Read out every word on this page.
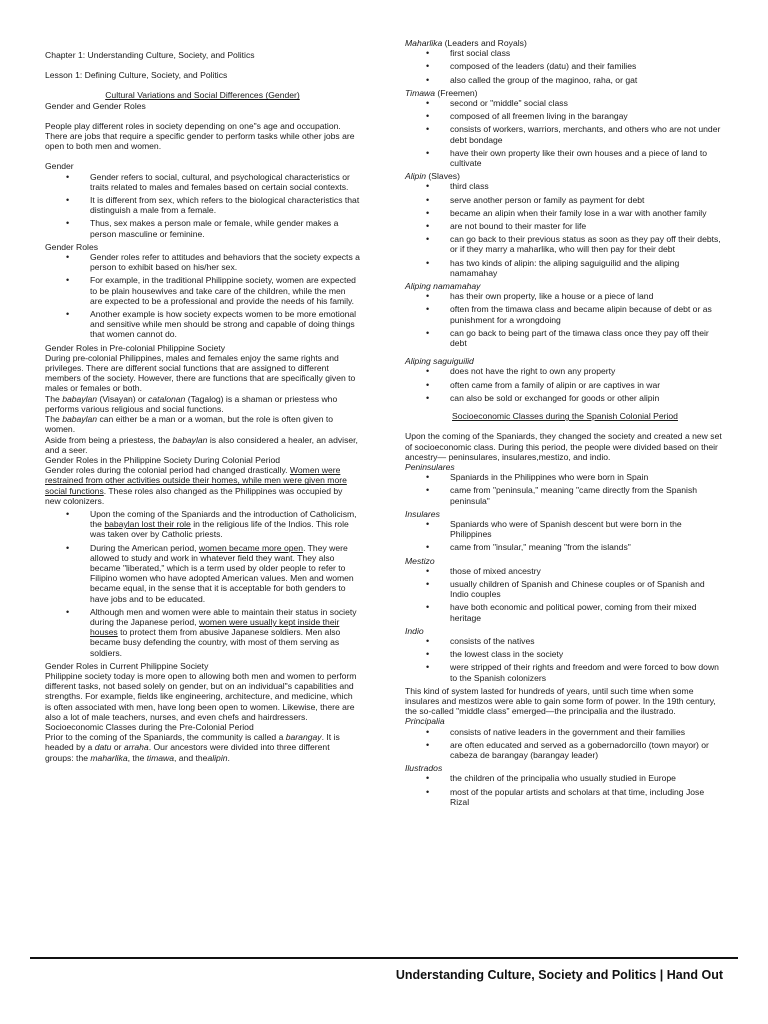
Chapter 1: Understanding Culture, Society, and Politics

Lesson 1: Defining Culture, Society, and Politics

Cultural Variations and Social Differences (Gender)

Gender and Gender Roles

People play different roles in society depending on one"s age and occupation. There are jobs that require a specific gender to perform tasks while other jobs are open to both men and women.

Gender

• Gender refers to social, cultural, and psychological characteristics or traits related to males and females based on certain social contexts.
• It is different from sex, which refers to the biological characteristics that distinguish a male from a female.
• Thus, sex makes a person male or female, while gender makes a person masculine or feminine.

Gender Roles

• Gender roles refer to attitudes and behaviors that the society expects a person to exhibit based on his/her sex.
• For example, in the traditional Philippine society, women are expected to be plain housewives and take care of the children, while the men are expected to be a professional and provide the needs of his family.
• Another example is how society expects women to be more emotional and sensitive while men should be strong and capable of doing things that women cannot do.

Gender Roles in Pre-colonial Philippine Society

During pre-colonial Philippines, males and females enjoy the same rights and privileges. There are different social functions that are assigned to different members of the society. However, there are functions that are specifically given to males or females or both.

The babaylan (Visayan) or catalonan (Tagalog) is a shaman or priestess who performs various religious and social functions.

The babaylan can either be a man or a woman, but the role is often given to women.

Aside from being a priestess, the babaylan is also considered a healer, an adviser, and a seer.

Gender Roles in the Philippine Society During Colonial Period

Gender roles during the colonial period had changed drastically. Women were restrained from other activities outside their homes, while men were given more social functions. These roles also changed as the Philippines was occupied by new colonizers.

• Upon the coming of the Spaniards and the introduction of Catholicism, the babaylan lost their role in the religious life of the Indios. This role was taken over by Catholic priests.
• During the American period, women became more open. They were allowed to study and work in whatever field they want. They also became "liberated," which is a term used by older people to refer to Filipino women who have adopted American values. Men and women became equal, in the sense that it is acceptable for both genders to have jobs and to be educated.
• Although men and women were able to maintain their status in society during the Japanese period, women were usually kept inside their houses to protect them from abusive Japanese soldiers. Men also became busy defending the country, with most of them serving as soldiers.

Gender Roles in Current Philippine Society

Philippine society today is more open to allowing both men and women to perform different tasks, not based solely on gender, but on an individual"s capabilities and strengths. For example, fields like engineering, architecture, and medicine, which is often associated with men, have long been open to women. Likewise, there are also a lot of male teachers, nurses, and even chefs and hairdressers.

Socioeconomic Classes during the Pre-Colonial Period

Prior to the coming of the Spaniards, the community is called a barangay. It is headed by a datu or arraha. Our ancestors were divided into three different groups: the maharlika, the timawa, and thealipin.

Maharlika (Leaders and Royals)

• first social class
• composed of the leaders (datu) and their families
• also called the group of the maginoo, raha, or gat

Timawa (Freemen)

• second or "middle" social class
• composed of all freemen living in the barangay
• consists of workers, warriors, merchants, and others who are not under debt bondage
• have their own property like their own houses and a piece of land to cultivate

Alipin (Slaves)

• third class
• serve another person or family as payment for debt
• became an alipin when their family lose in a war with another family
• are not bound to their master for life
• can go back to their previous status as soon as they pay off their debts, or if they marry a maharlika, who will then pay for their debt
• has two kinds of alipin: the aliping saguiguilid and the aliping namamahay

Aliping namamahay

• has their own property, like a house or a piece of land
• often from the timawa class and became alipin because of debt or as punishment for a wrongdoing
• can go back to being part of the timawa class once they pay off their debt

Aliping saguiguilid

• does not have the right to own any property
• often came from a family of alipin or are captives in war
• can also be sold or exchanged for goods or other alipin

Socioeconomic Classes during the Spanish Colonial Period

Upon the coming of the Spaniards, they changed the society and created a new set of socioeconomic class. During this period, the people were divided based on their ancestry— peninsulares, insulares,mestizo, and indio.

Peninsulares

• Spaniards in the Philippines who were born in Spain
• came from "peninsula," meaning "came directly from the Spanish peninsula"

Insulares

• Spaniards who were of Spanish descent but were born in the Philippines
• came from "insular," meaning "from the islands"

Mestizo

• those of mixed ancestry
• usually children of Spanish and Chinese couples or of Spanish and Indio couples
• have both economic and political power, coming from their mixed heritage

Indio

• consists of the natives
• the lowest class in the society
• were stripped of their rights and freedom and were forced to bow down to the Spanish colonizers

This kind of system lasted for hundreds of years, until such time when some insulares and mestizos were able to gain some form of power. In the 19th century, the so-called "middle class" emerged—the principalia and the ilustrado.

Principalia

• consists of native leaders in the government and their families
• are often educated and served as a gobernadorcillo (town mayor) or cabeza de barangay (barangay leader)

Ilustrados

• the children of the principalia who usually studied in Europe
• most of the popular artists and scholars at that time, including Jose Rizal
Understanding Culture, Society and Politics | Hand Out
